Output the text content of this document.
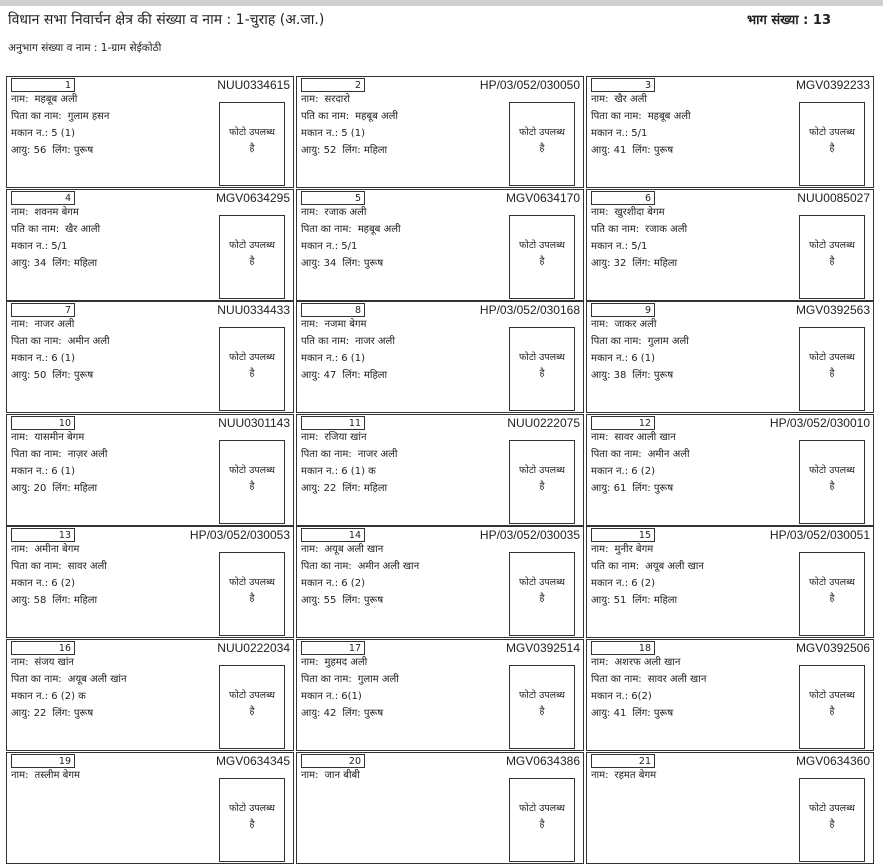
विधान सभा निवार्चन क्षेत्र की संख्या व नाम : 1-चुराह (अ.जा.)	भाग संख्या : 13
अनुभाग संख्या व नाम : 1-ग्राम सेईकोठी
1	NUU0334615
नाम: महबूब अली
पिता का नाम: गुलाम हसन
मकान न.: 5 (1)
आयु: 56 लिंग: पुरूष
फोटो उपलब्ध
है
2	HP/03/052/030050
नाम: सरदारो
पति का नाम: महबूब अली
मकान न.: 5 (1)
आयु: 52 लिंग: महिला
फोटो उपलब्ध
है
3	MGV0392233
नाम: खैर अली
पिता का नाम: महबूब अली
मकान न.: 5/1
आयु: 41 लिंग: पुरूष
फोटो उपलब्ध
है
4	MGV0634295
नाम: शवनम बेगम
पति का नाम: खैर आली
मकान न.: 5/1
आयु: 34 लिंग: महिला
फोटो उपलब्ध
है
5	MGV0634170
नाम: रजाक अली
पिता का नाम: महबूब अली
मकान न.: 5/1
आयु: 34 लिंग: पुरूष
फोटो उपलब्ध
है
6	NUU0085027
नाम: खुरशीदा बेगम
पति का नाम: रजाक अली
मकान न.: 5/1
आयु: 32 लिंग: महिला
फोटो उपलब्ध
है
7	NUU0334433
नाम: नाजर अली
पिता का नाम: अमीन अली
मकान न.: 6 (1)
आयु: 50 लिंग: पुरूष
फोटो उपलब्ध
है
8	HP/03/052/030168
नाम: नजमा बेगम
पति का नाम: नाजर अली
मकान न.: 6 (1)
आयु: 47 लिंग: महिला
फोटो उपलब्ध
है
9	MGV0392563
नाम: जाकर अली
पिता का नाम: गुलाम अली
मकान न.: 6 (1)
आयु: 38 लिंग: पुरूष
फोटो उपलब्ध
है
10	NUU0301143
नाम: यासमीन बेगम
पिता का नाम: नाज़र अली
मकान न.: 6 (1)
आयु: 20 लिंग: महिला
फोटो उपलब्ध
है
11	NUU0222075
नाम: रजिया खांन
पिता का नाम: नाजर अली
मकान न.: 6 (1) क
आयु: 22 लिंग: महिला
फोटो उपलब्ध
है
12	HP/03/052/030010
नाम: सावर आली खान
पिता का नाम: अमीन अली
मकान न.: 6 (2)
आयु: 61 लिंग: पुरूष
फोटो उपलब्ध
है
13	HP/03/052/030053
नाम: अमीना बेगम
पिता का नाम: सावर अली
मकान न.: 6 (2)
आयु: 58 लिंग: महिला
फोटो उपलब्ध
है
14	HP/03/052/030035
नाम: अयूब अली खान
पिता का नाम: अमीन अली खान
मकान न.: 6 (2)
आयु: 55 लिंग: पुरूष
फोटो उपलब्ध
है
15	HP/03/052/030051
नाम: मुनीर बेगम
पति का नाम: अयूब अली खान
मकान न.: 6 (2)
आयु: 51 लिंग: महिला
फोटो उपलब्ध
है
16	NUU0222034
नाम: संजय खांन
पिता का नाम: अयूब अली खांन
मकान न.: 6 (2) क
आयु: 22 लिंग: पुरूष
फोटो उपलब्ध
है
17	MGV0392514
नाम: मुहमद अली
पिता का नाम: गुलाम अली
मकान न.: 6(1)
आयु: 42 लिंग: पुरूष
फोटो उपलब्ध
है
18	MGV0392506
नाम: अशरफ अली खान
पिता का नाम: सावर अली खान
मकान न.: 6(2)
आयु: 41 लिंग: पुरूष
फोटो उपलब्ध
है
19	MGV0634345
नाम: तस्लीम बेगम
फोटो उपलब्ध
है
20	MGV0634386
नाम: जान बीबी
फोटो उपलब्ध
है
21	MGV0634360
नाम: रहमत बेगम
फोटो उपलब्ध
है
